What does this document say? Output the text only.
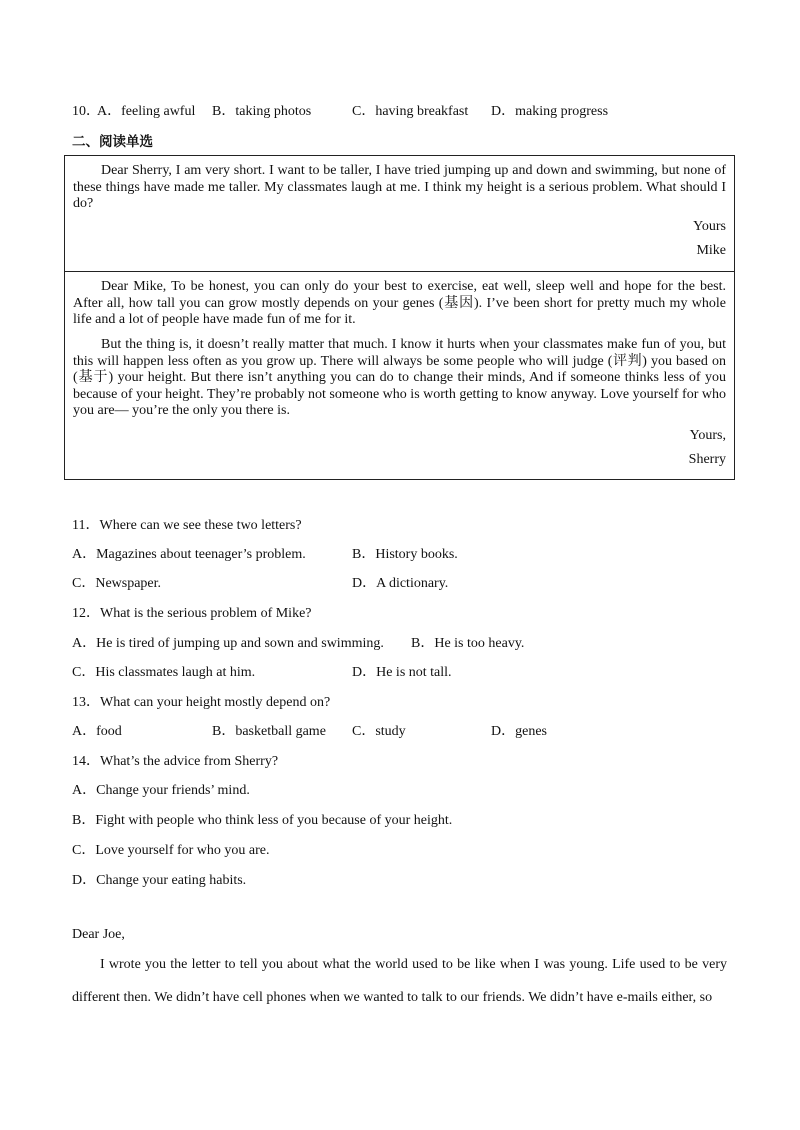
10．
A．feeling awful B．taking photos	C．having breakfast D．making progress
二、阅读单选
Dear Sherry, I am very short. I want to be taller, I have tried jumping up and down and swimming, but none of these things have made me taller. My classmates laugh at me. I think my height is a serious problem. What should I do?
Yours
Mike
Dear Mike, To be honest, you can only do your best to exercise, eat well, sleep well and hope for the best. After all, how tall you can grow mostly depends on your genes (基因). I’ve been short for pretty much my whole life and a lot of people have made fun of me for it.
But the thing is, it doesn’t really matter that much. I know it hurts when your classmates make fun of you, but this will happen less often as you grow up. There will always be some people who will judge (评判) you based on (基于) your height. But there isn’t anything you can do to change their minds, And if someone thinks less of you because of your height. They’re probably not someone who is worth getting to know anyway. Love yourself for who you are— you’re the only you there is.
Yours,
Sherry
11．Where can we see these two letters?
A．Magazines about teenager’s problem.	B．History books.
C．Newspaper.	D．A dictionary.
12．What is the serious problem of Mike?
A．He is tired of jumping up and sown and swimming. B．He is too heavy.
C．His classmates laugh at him.	D．He is not tall.
13．What can your height mostly depend on?
A．food	B．basketball game C．study	D．genes
14．What’s the advice from Sherry?
A．Change your friends’ mind.
B．Fight with people who think less of you because of your height.
C．Love yourself for who you are.
D．Change your eating habits.
Dear Joe,
I wrote you the letter to tell you about what the world used to be like when I was young. Life used to be very different then. We didn’t have cell phones when we wanted to talk to our friends. We didn’t have e-mails either, so
